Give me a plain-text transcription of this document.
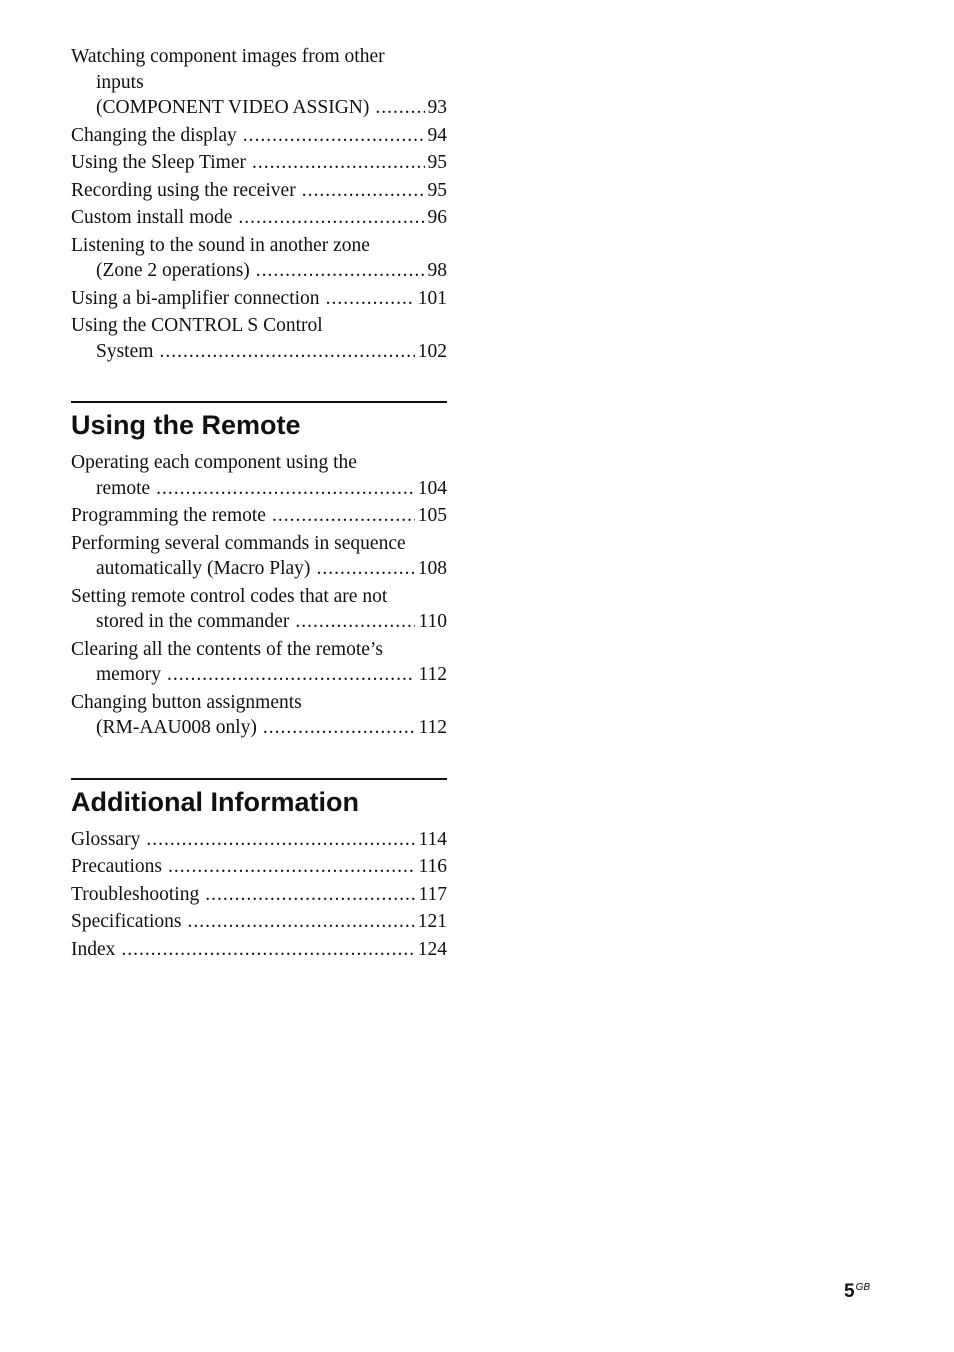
Watching component images from other
inputs
(COMPONENT VIDEO ASSIGN) .....	93
Changing the display .....	94
Using the Sleep Timer .....	95
Recording using the receiver .....	95
Custom install mode .....	96
Listening to the sound in another zone
(Zone 2 operations) .....	98
Using a bi-amplifier connection .....	101
Using the CONTROL S Control
System .....	102
Using the Remote
Operating each component using the
remote .....	104
Programming the remote .....	105
Performing several commands in sequence
automatically (Macro Play) .....	108
Setting remote control codes that are not
stored in the commander .....	110
Clearing all the contents of the remote’s
memory .....	112
Changing button assignments
(RM-AAU008 only) .....	112
Additional Information
Glossary .....	114
Precautions .....	116
Troubleshooting .....	117
Specifications .....	121
Index .....	124
$5^{GB}$
